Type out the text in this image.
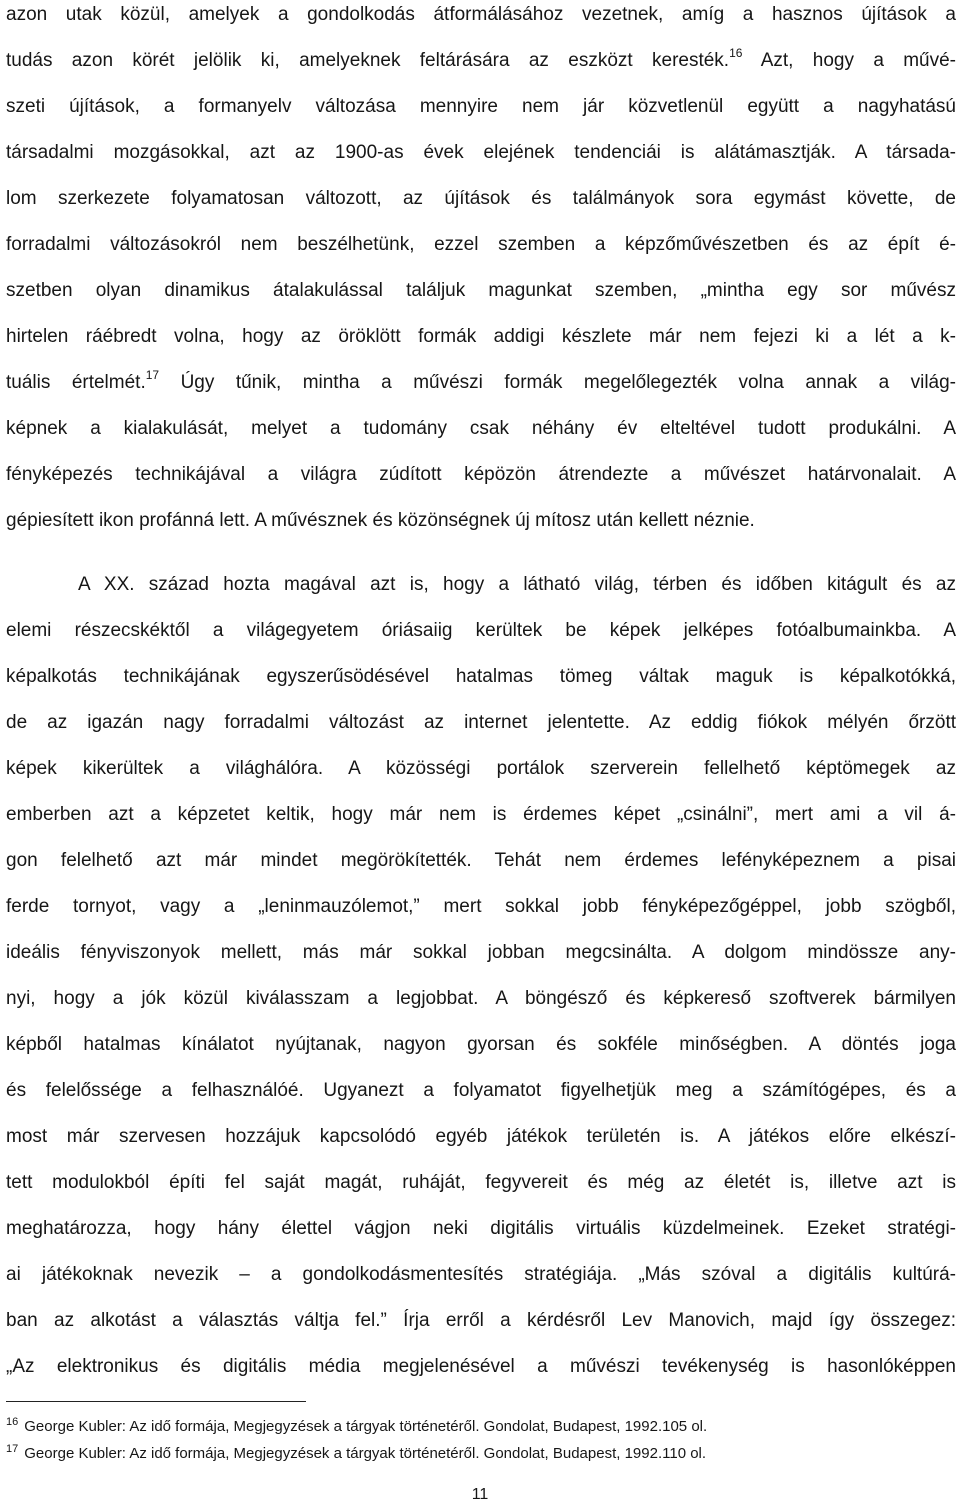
azon utak közül, amelyek a gondolkodás átformálásához vezetnek, amíg a hasznos újítások a
tudás azon körét jelölik ki, amelyeknek feltárására az eszközt keresték.$^{16}$ Azt, hogy a művé-
szeti újítások, a formanyelv változása mennyire nem jár közvetlenül együtt a nagyhatású
társadalmi mozgásokkal, azt az 1900-as évek elejének tendenciái is alátámasztják. A társada-
lom szerkezete folyamatosan változott, az újítások és találmányok sora egymást követte, de
forradalmi változásokról nem beszélhetünk, ezzel szemben a képzőművészetben és az épít é-
szetben olyan dinamikus átalakulással találjuk magunkat szemben, „mintha egy sor művész
hirtelen ráébredt volna, hogy az öröklött formák addigi készlete már nem fejezi ki a lét a k-
tuális értelmét.$^{17}$ Úgy tűnik, mintha a művészi formák megelőlegezték volna annak a világ-
képnek a kialakulását, melyet a tudomány csak néhány év elteltével tudott produkálni. A
fényképezés technikájával a világra zúdított képözön átrendezte a művészet határvonalait. A
gépiesített ikon profánná lett. A művésznek és közönségnek új mítosz után kellett néznie.
A XX. század hozta magával azt is, hogy a látható világ, térben és időben kitágult és az
elemi részecskéktől a világegyetem óriásaiig kerültek be képek jelképes fotóalbumainkba. A
képalkotás technikájának egyszerűsödésével hatalmas tömeg váltak maguk is képalkotókká,
de az igazán nagy forradalmi változást az internet jelentette. Az eddig fiókok mélyén őrzött
képek kikerültek a világhálóra. A közösségi portálok szerverein fellelhető képtömegek az
emberben azt a képzetet keltik, hogy már nem is érdemes képet „csinálni”, mert ami a vil á-
gon felelhető azt már mindet megörökítették. Tehát nem érdemes lefényképeznem a pisai
ferde tornyot, vagy a „leninmauzólemot,” mert sokkal jobb fényképezőgéppel, jobb szögből,
ideális fényviszonyok mellett, más már sokkal jobban megcsinálta. A dolgom mindössze any-
nyi, hogy a jók közül kiválasszam a legjobbat. A böngésző és képkereső szoftverek bármilyen
képből hatalmas kínálatot nyújtanak, nagyon gyorsan és sokféle minőségben. A döntés joga
és felelőssége a felhasználóé. Ugyanezt a folyamatot figyelhetjük meg a számítógépes, és a
most már szervesen hozzájuk kapcsolódó egyéb játékok területén is. A játékos előre elkészí-
tett modulokból építi fel saját magát, ruháját, fegyvereit és még az életét is, illetve azt is
meghatározza, hogy hány élettel vágjon neki digitális virtuális küzdelmeinek. Ezeket stratégi-
ai játékoknak nevezik – a gondolkodásmentesítés stratégiája. „Más szóval a digitális kultúrá-
ban az alkotást a választás váltja fel.” Írja erről a kérdésről Lev Manovich, majd így összegez:
„Az elektronikus és digitális média megjelenésével a művészi tevékenység is hasonlóképpen
$^{16}$ George Kubler: Az idő formája, Megjegyzések a tárgyak történetéről. Gondolat, Budapest, 1992.105 ol.
$^{17}$ George Kubler: Az idő formája, Megjegyzések a tárgyak történetéről. Gondolat, Budapest, 1992.110 ol.
11
